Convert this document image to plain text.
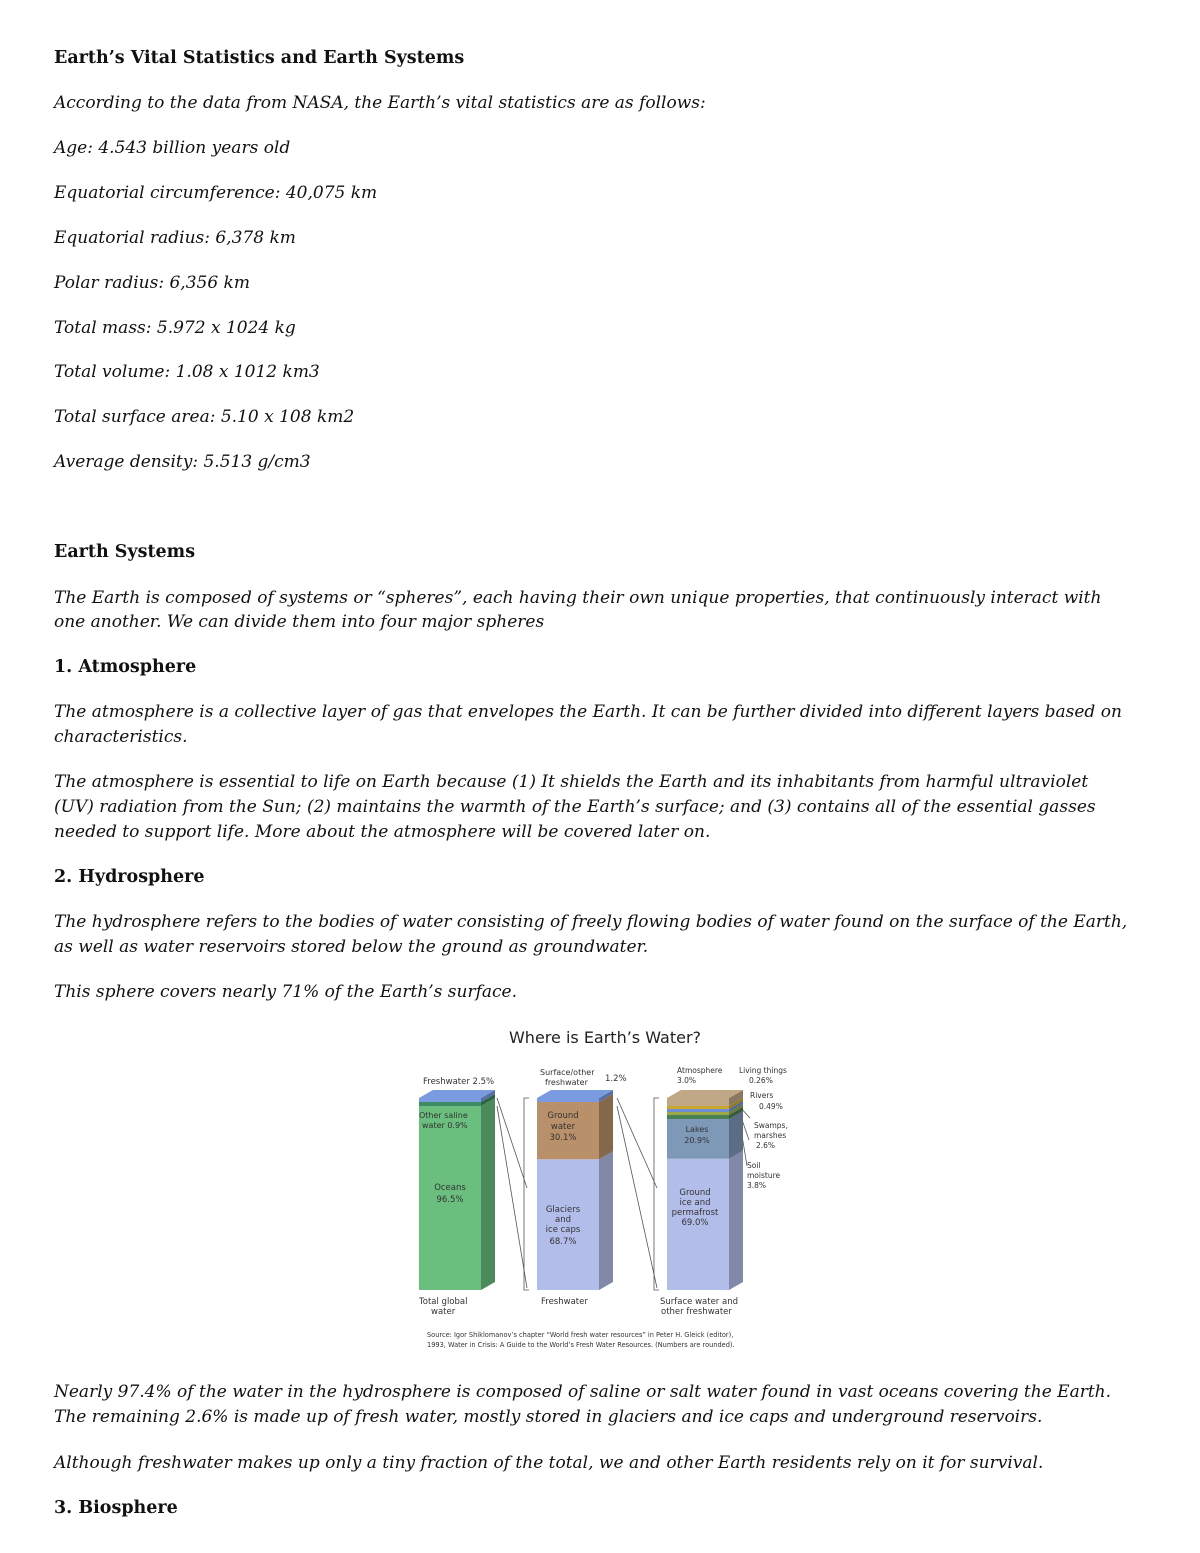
Earth’s Vital Statistics and Earth Systems
According to the data from NASA, the Earth’s vital statistics are as follows:
Age: 4.543 billion years old
Equatorial circumference: 40,075 km
Equatorial radius: 6,378 km
Polar radius: 6,356 km
Total mass: 5.972 x 1024 kg
Total volume: 1.08 x 1012 km3
Total surface area: 5.10 x 108 km2
Average density: 5.513 g/cm3
Earth Systems
The Earth is composed of systems or “spheres”, each having their own unique properties, that continuously interact with
one another. We can divide them into four major spheres
1. Atmosphere
The atmosphere is a collective layer of gas that envelopes the Earth. It can be further divided into different layers based on
characteristics.
The atmosphere is essential to life on Earth because (1) It shields the Earth and its inhabitants from harmful ultraviolet
(UV) radiation from the Sun; (2) maintains the warmth of the Earth’s surface; and (3) contains all of the essential gasses
needed to support life. More about the atmosphere will be covered later on.
2. Hydrosphere
The hydrosphere refers to the bodies of water consisting of freely flowing bodies of water found on the surface of the Earth,
as well as water reservoirs stored below the ground as groundwater.
This sphere covers nearly 71% of the Earth’s surface.
Nearly 97.4% of the water in the hydrosphere is composed of saline or salt water found in vast oceans covering the Earth.
The remaining 2.6% is made up of fresh water, mostly stored in glaciers and ice caps and underground reservoirs.
Although freshwater makes up only a tiny fraction of the total, we and other Earth residents rely on it for survival.
3. Biosphere
Where is Earth’s Water?
Freshwater 2.5%
Other saline
water 0.9%
Oceans
96.5%
Total global
water
Surface/other
freshwater 1.2%
Ground
water
30.1%
Glaciers
and
ice caps
68.7%
Freshwater
Atmosphere
3.0%
Living things
0.26%
Rivers
0.49%
Swamps,
marshes
2.6%
Soil
moisture
3.8%
Lakes
20.9%
Ground
ice and
permafrost
69.0%
Surface water and
other freshwater
Source: Igor Shiklomanov’s chapter “World fresh water resources” in Peter H. Gleick (editor),
1993, Water in Crisis: A Guide to the World’s Fresh Water Resources. (Numbers are rounded).
